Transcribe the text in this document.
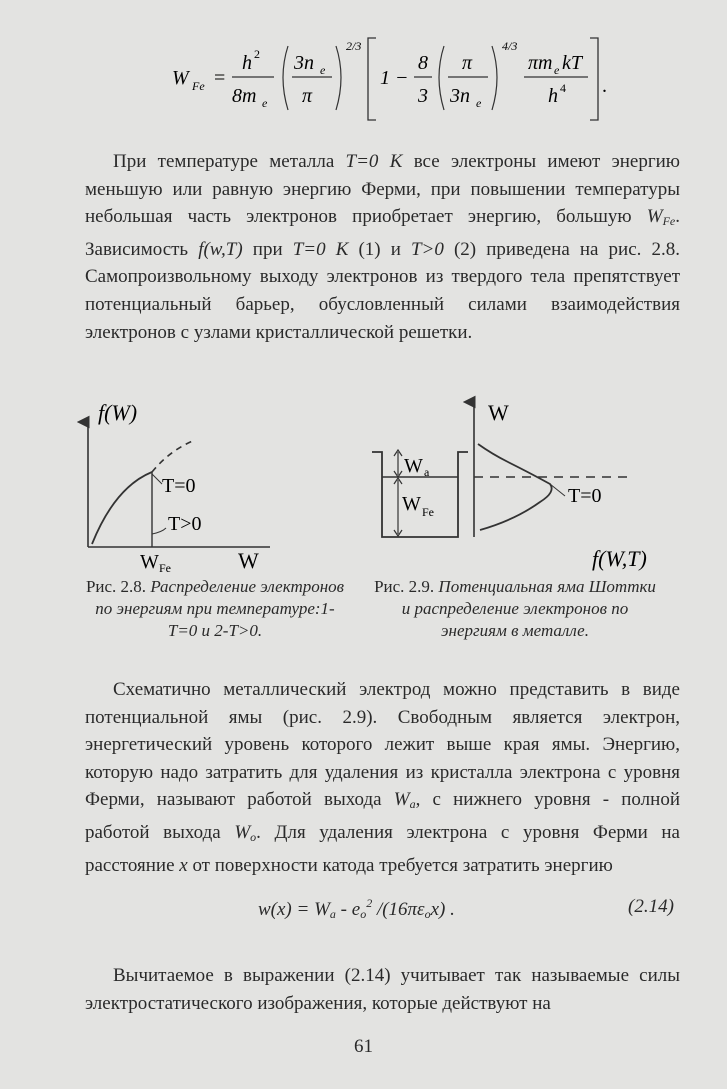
W Fe =
h 2
8m e
3n e
π
2/3
1 −
8
3
π
3n e
4/3
πm e kT
h 4 .

При температуре металла T=0 K все электроны имеют энергию меньшую или равную энергию Ферми, при повышении температуры небольшая часть электронов приобретает энергию, большую $W_{Fe}$. Зависимость f(w,T) при T=0 K (1) и T>0 (2) приведена на рис. 2.8. Самопроизвольному выходу электронов из твердого тела препятствует потенциальный барьер, обусловленный силами взаимодействия электронов с узлами кристаллической решетки.

f(W)
T=0
T>0
W Fe	W
Рис. 2.8. Распределение электронов по энергиям при температуре:1- T=0 и 2-T>0.
W
W a
W Fe
T=0
f(W,T)
Рис. 2.9. Потенциальная яма Шоттки и распределение электронов по энергиям в металле.

Схематично металлический электрод можно представить в виде потенциальной ямы (рис. 2.9). Свободным является электрон, энергетический уровень которого лежит выше края ямы. Энергию, которую надо затратить для удаления из кристалла электрона с уровня Ферми, называют работой выхода $W_a$, с нижнего уровня - полной работой выхода $W_o$. Для удаления электрона с уровня Ферми на расстояние x от поверхности катода требуется затратить энергию

$w(x) = W_a - e_o^2$ $/(16\pi\varepsilon_ox)$ .	(2.14)

Вычитаемое в выражении (2.14) учитывает так называемые силы электростатического изображения, которые действуют на

61
